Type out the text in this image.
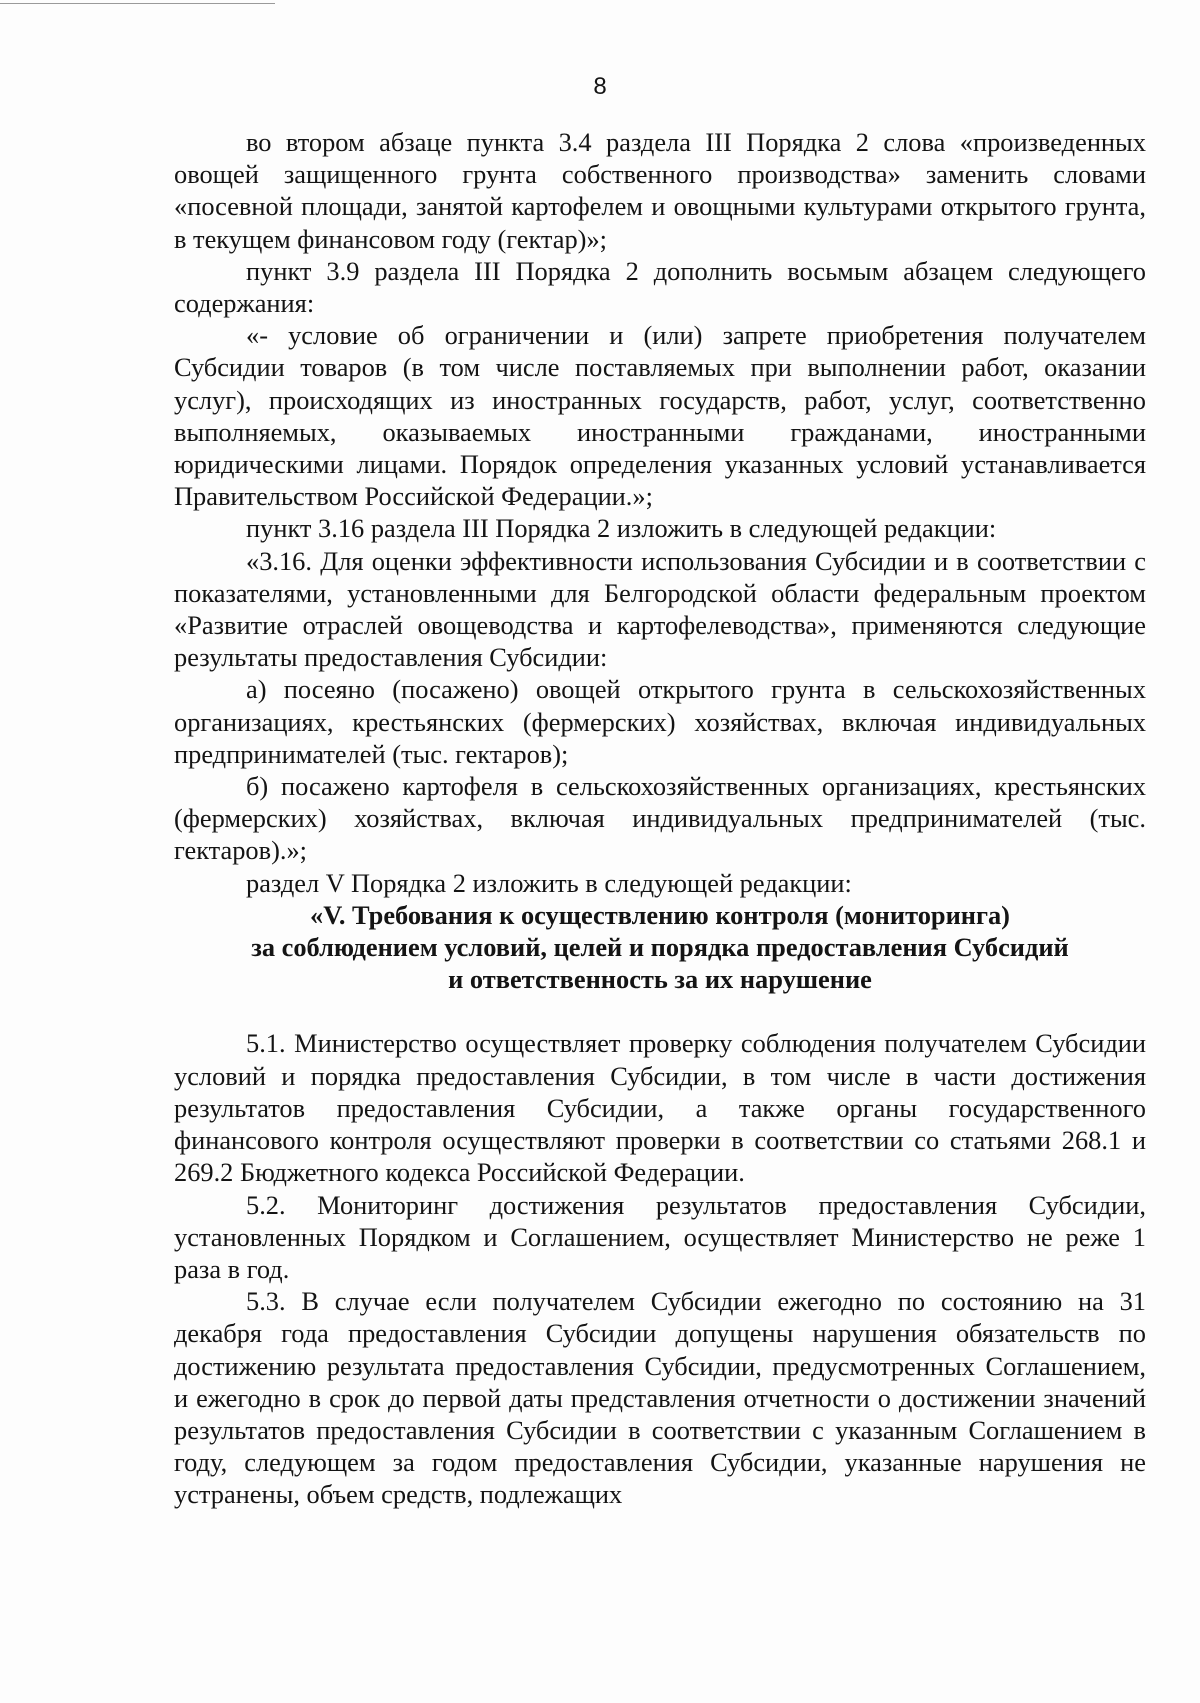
8

во втором абзаце пункта 3.4 раздела III Порядка 2 слова «произведенных овощей защищенного грунта собственного производства» заменить словами «посевной площади, занятой картофелем и овощными культурами открытого грунта, в текущем финансовом году (гектар)»;

пункт 3.9 раздела III Порядка 2 дополнить восьмым абзацем следующего содержания:

«- условие об ограничении и (или) запрете приобретения получателем Субсидии товаров (в том числе поставляемых при выполнении работ, оказании услуг), происходящих из иностранных государств, работ, услуг, соответственно выполняемых, оказываемых иностранными гражданами, иностранными юридическими лицами. Порядок определения указанных условий устанавливается Правительством Российской Федерации.»;

пункт 3.16 раздела III Порядка 2 изложить в следующей редакции:

«3.16. Для оценки эффективности использования Субсидии и в соответствии с показателями, установленными для Белгородской области федеральным проектом «Развитие отраслей овощеводства и картофелеводства», применяются следующие результаты предоставления Субсидии:

а) посеяно (посажено) овощей открытого грунта в сельскохозяйственных организациях, крестьянских (фермерских) хозяйствах, включая индивидуальных предпринимателей (тыс. гектаров);

б) посажено картофеля в сельскохозяйственных организациях, крестьянских (фермерских) хозяйствах, включая индивидуальных предпринимателей (тыс. гектаров).»;

раздел V Порядка 2 изложить в следующей редакции:

«V. Требования к осуществлению контроля (мониторинга)
за соблюдением условий, целей и порядка предоставления Субсидий
и ответственность за их нарушение

5.1. Министерство осуществляет проверку соблюдения получателем Субсидии условий и порядка предоставления Субсидии, в том числе в части достижения результатов предоставления Субсидии, а также органы государственного финансового контроля осуществляют проверки в соответствии со статьями 268.1 и 269.2 Бюджетного кодекса Российской Федерации.

5.2. Мониторинг достижения результатов предоставления Субсидии, установленных Порядком и Соглашением, осуществляет Министерство не реже 1 раза в год.

5.3. В случае если получателем Субсидии ежегодно по состоянию на 31 декабря года предоставления Субсидии допущены нарушения обязательств по достижению результата предоставления Субсидии, предусмотренных Соглашением, и ежегодно в срок до первой даты представления отчетности о достижении значений результатов предоставления Субсидии в соответствии с указанным Соглашением в году, следующем за годом предоставления Субсидии, указанные нарушения не устранены, объем средств, подлежащих
